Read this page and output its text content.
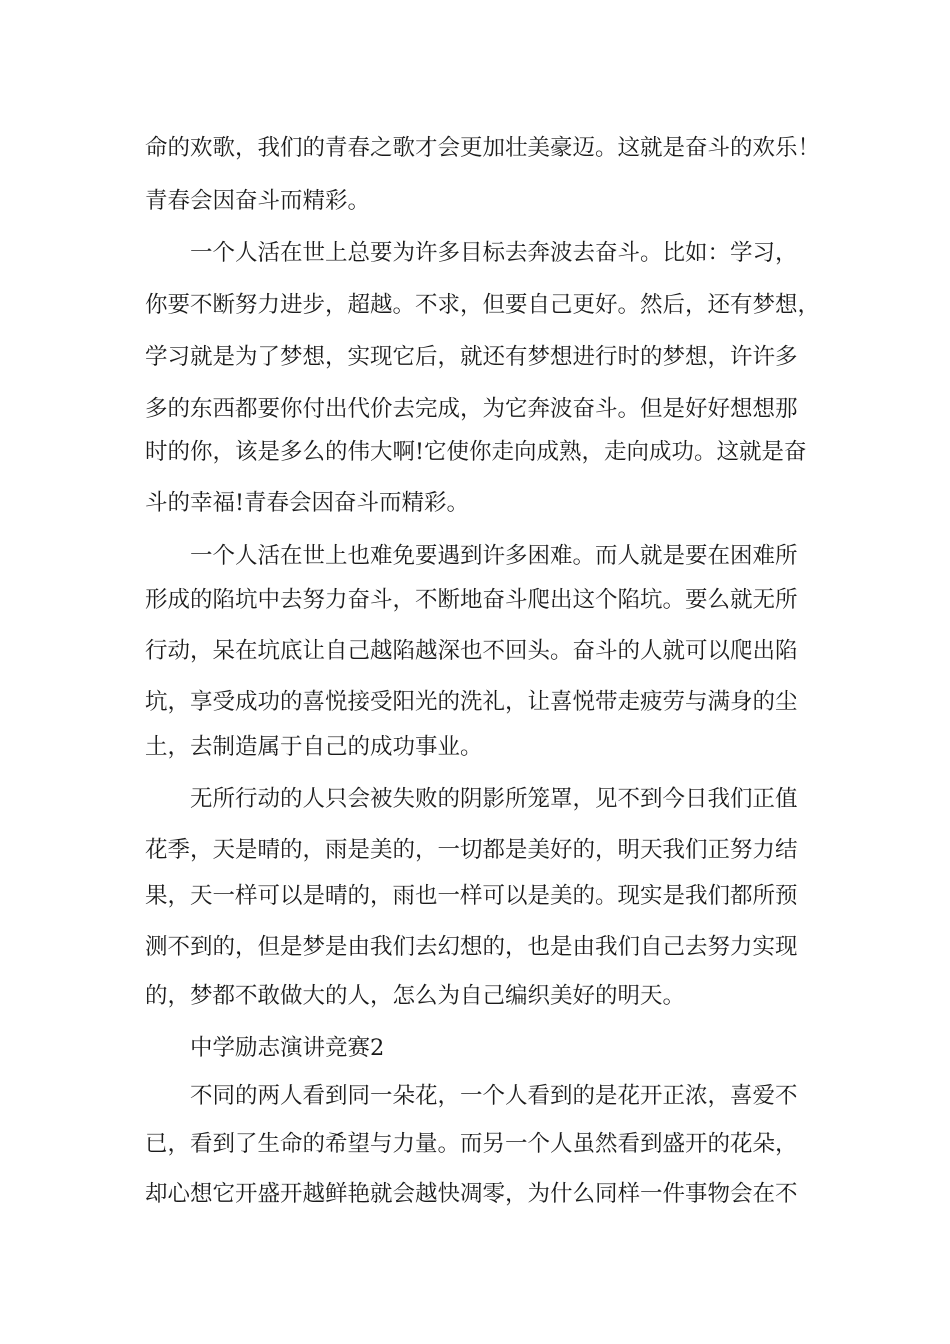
命的欢歌，我们的青春之歌才会更加壮美豪迈。这就是奋斗的欢乐！

青春会因奋斗而精彩。

一个人活在世上总要为许多目标去奔波去奋斗。比如：学习，

你要不断努力进步，超越。不求，但要自己更好。然后，还有梦想，

学习就是为了梦想，实现它后，就还有梦想进行时的梦想，许许多

多的东西都要你付出代价去完成，为它奔波奋斗。但是好好想想那

时的你，该是多么的伟大啊!它使你走向成熟，走向成功。这就是奋

斗的幸福!青春会因奋斗而精彩。

一个人活在世上也难免要遇到许多困难。而人就是要在困难所

形成的陷坑中去努力奋斗，不断地奋斗爬出这个陷坑。要么就无所

行动，呆在坑底让自己越陷越深也不回头。奋斗的人就可以爬出陷

坑，享受成功的喜悦接受阳光的洗礼，让喜悦带走疲劳与满身的尘

土，去制造属于自己的成功事业。

无所行动的人只会被失败的阴影所笼罩，见不到今日我们正值

花季，天是晴的，雨是美的，一切都是美好的，明天我们正努力结

果，天一样可以是晴的，雨也一样可以是美的。现实是我们都所预

测不到的，但是梦是由我们去幻想的，也是由我们自己去努力实现

的，梦都不敢做大的人，怎么为自己编织美好的明天。

中学励志演讲竞赛2

不同的两人看到同一朵花，一个人看到的是花开正浓，喜爱不

已，看到了生命的希望与力量。而另一个人虽然看到盛开的花朵，

却心想它开盛开越鲜艳就会越快凋零，为什么同样一件事物会在不
